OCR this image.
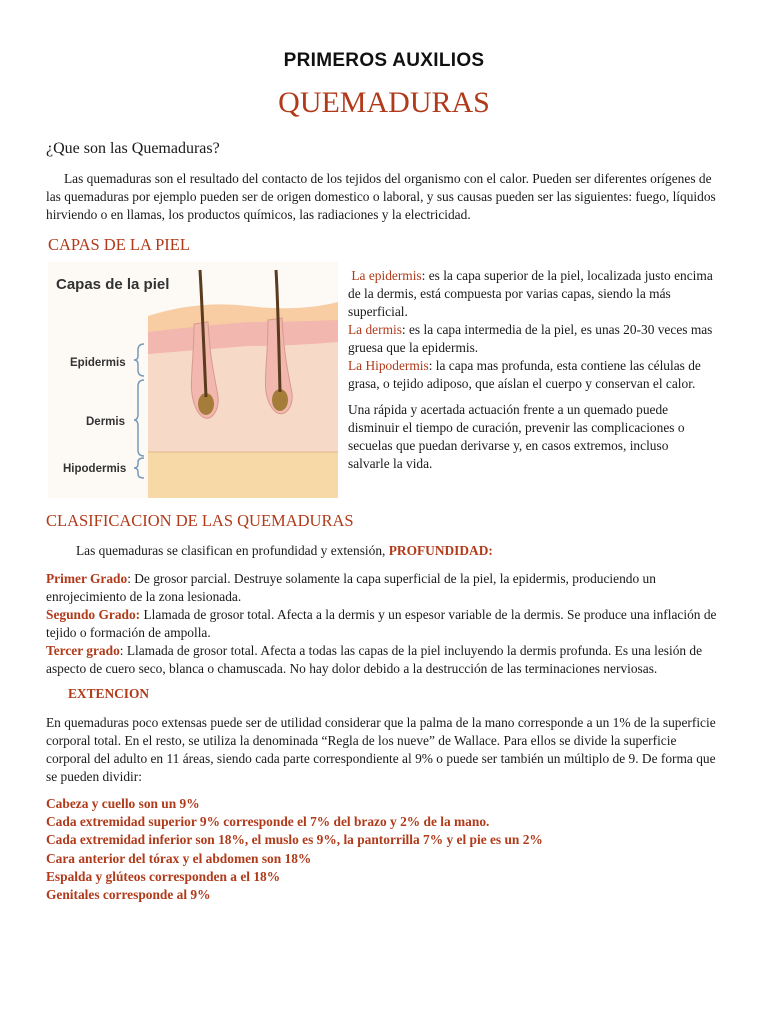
PRIMEROS AUXILIOS
QUEMADURAS
¿Que son las Quemaduras?
Las quemaduras son el resultado del contacto de los tejidos del organismo con el calor. Pueden ser diferentes orígenes de las quemaduras por ejemplo pueden ser de origen domestico o laboral, y sus causas pueden ser las siguientes: fuego, líquidos hirviendo o en llamas, los productos químicos, las radiaciones y la electricidad.
CAPAS DE LA PIEL
Capas de la piel
Epidermis
Dermis
Hipodermis

La epidermis: es la capa superior de la piel, localizada justo encima de la dermis, está compuesta por varias capas, siendo la más superficial.

La dermis: es la capa intermedia de la piel, es unas 20-30 veces mas gruesa que la epidermis.

La Hipodermis: la capa mas profunda, esta contiene las células de grasa, o tejido adiposo, que aíslan el cuerpo y conservan el calor.

Una rápida y acertada actuación frente a un quemado puede disminuir el tiempo de curación, prevenir las complicaciones o secuelas que puedan derivarse y, en casos extremos, incluso salvarle la vida.
CLASIFICACION DE LAS QUEMADURAS
Las quemaduras se clasifican en profundidad y extensión, PROFUNDIDAD:

Primer Grado: De grosor parcial. Destruye solamente la capa superficial de la piel, la epidermis, produciendo un enrojecimiento de la zona lesionada.

Segundo Grado: Llamada de grosor total. Afecta a la dermis y un espesor variable de la dermis. Se produce una inflación de tejido o formación de ampolla.

Tercer grado: Llamada de grosor total. Afecta a todas las capas de la piel incluyendo la dermis profunda. Es una lesión de aspecto de cuero seco, blanca o chamuscada. No hay dolor debido a la destrucción de las terminaciones nerviosas.

EXTENCION
En quemaduras poco extensas puede ser de utilidad considerar que la palma de la mano corresponde a un 1% de la superficie corporal total. En el resto, se utiliza la denominada “Regla de los nueve” de Wallace. Para ellos se divide la superficie corporal del adulto en 11 áreas, siendo cada parte correspondiente al 9% o puede ser también un múltiplo de 9. De forma que se pueden dividir:
Cabeza y cuello son un 9%
Cada extremidad superior 9% corresponde el 7% del brazo y 2% de la mano.
Cada extremidad inferior son 18%, el muslo es 9%, la pantorrilla 7% y el pie es un 2%
Cara anterior del tórax y el abdomen son 18%
Espalda y glúteos corresponden a el 18%
Genitales corresponde al 9%
